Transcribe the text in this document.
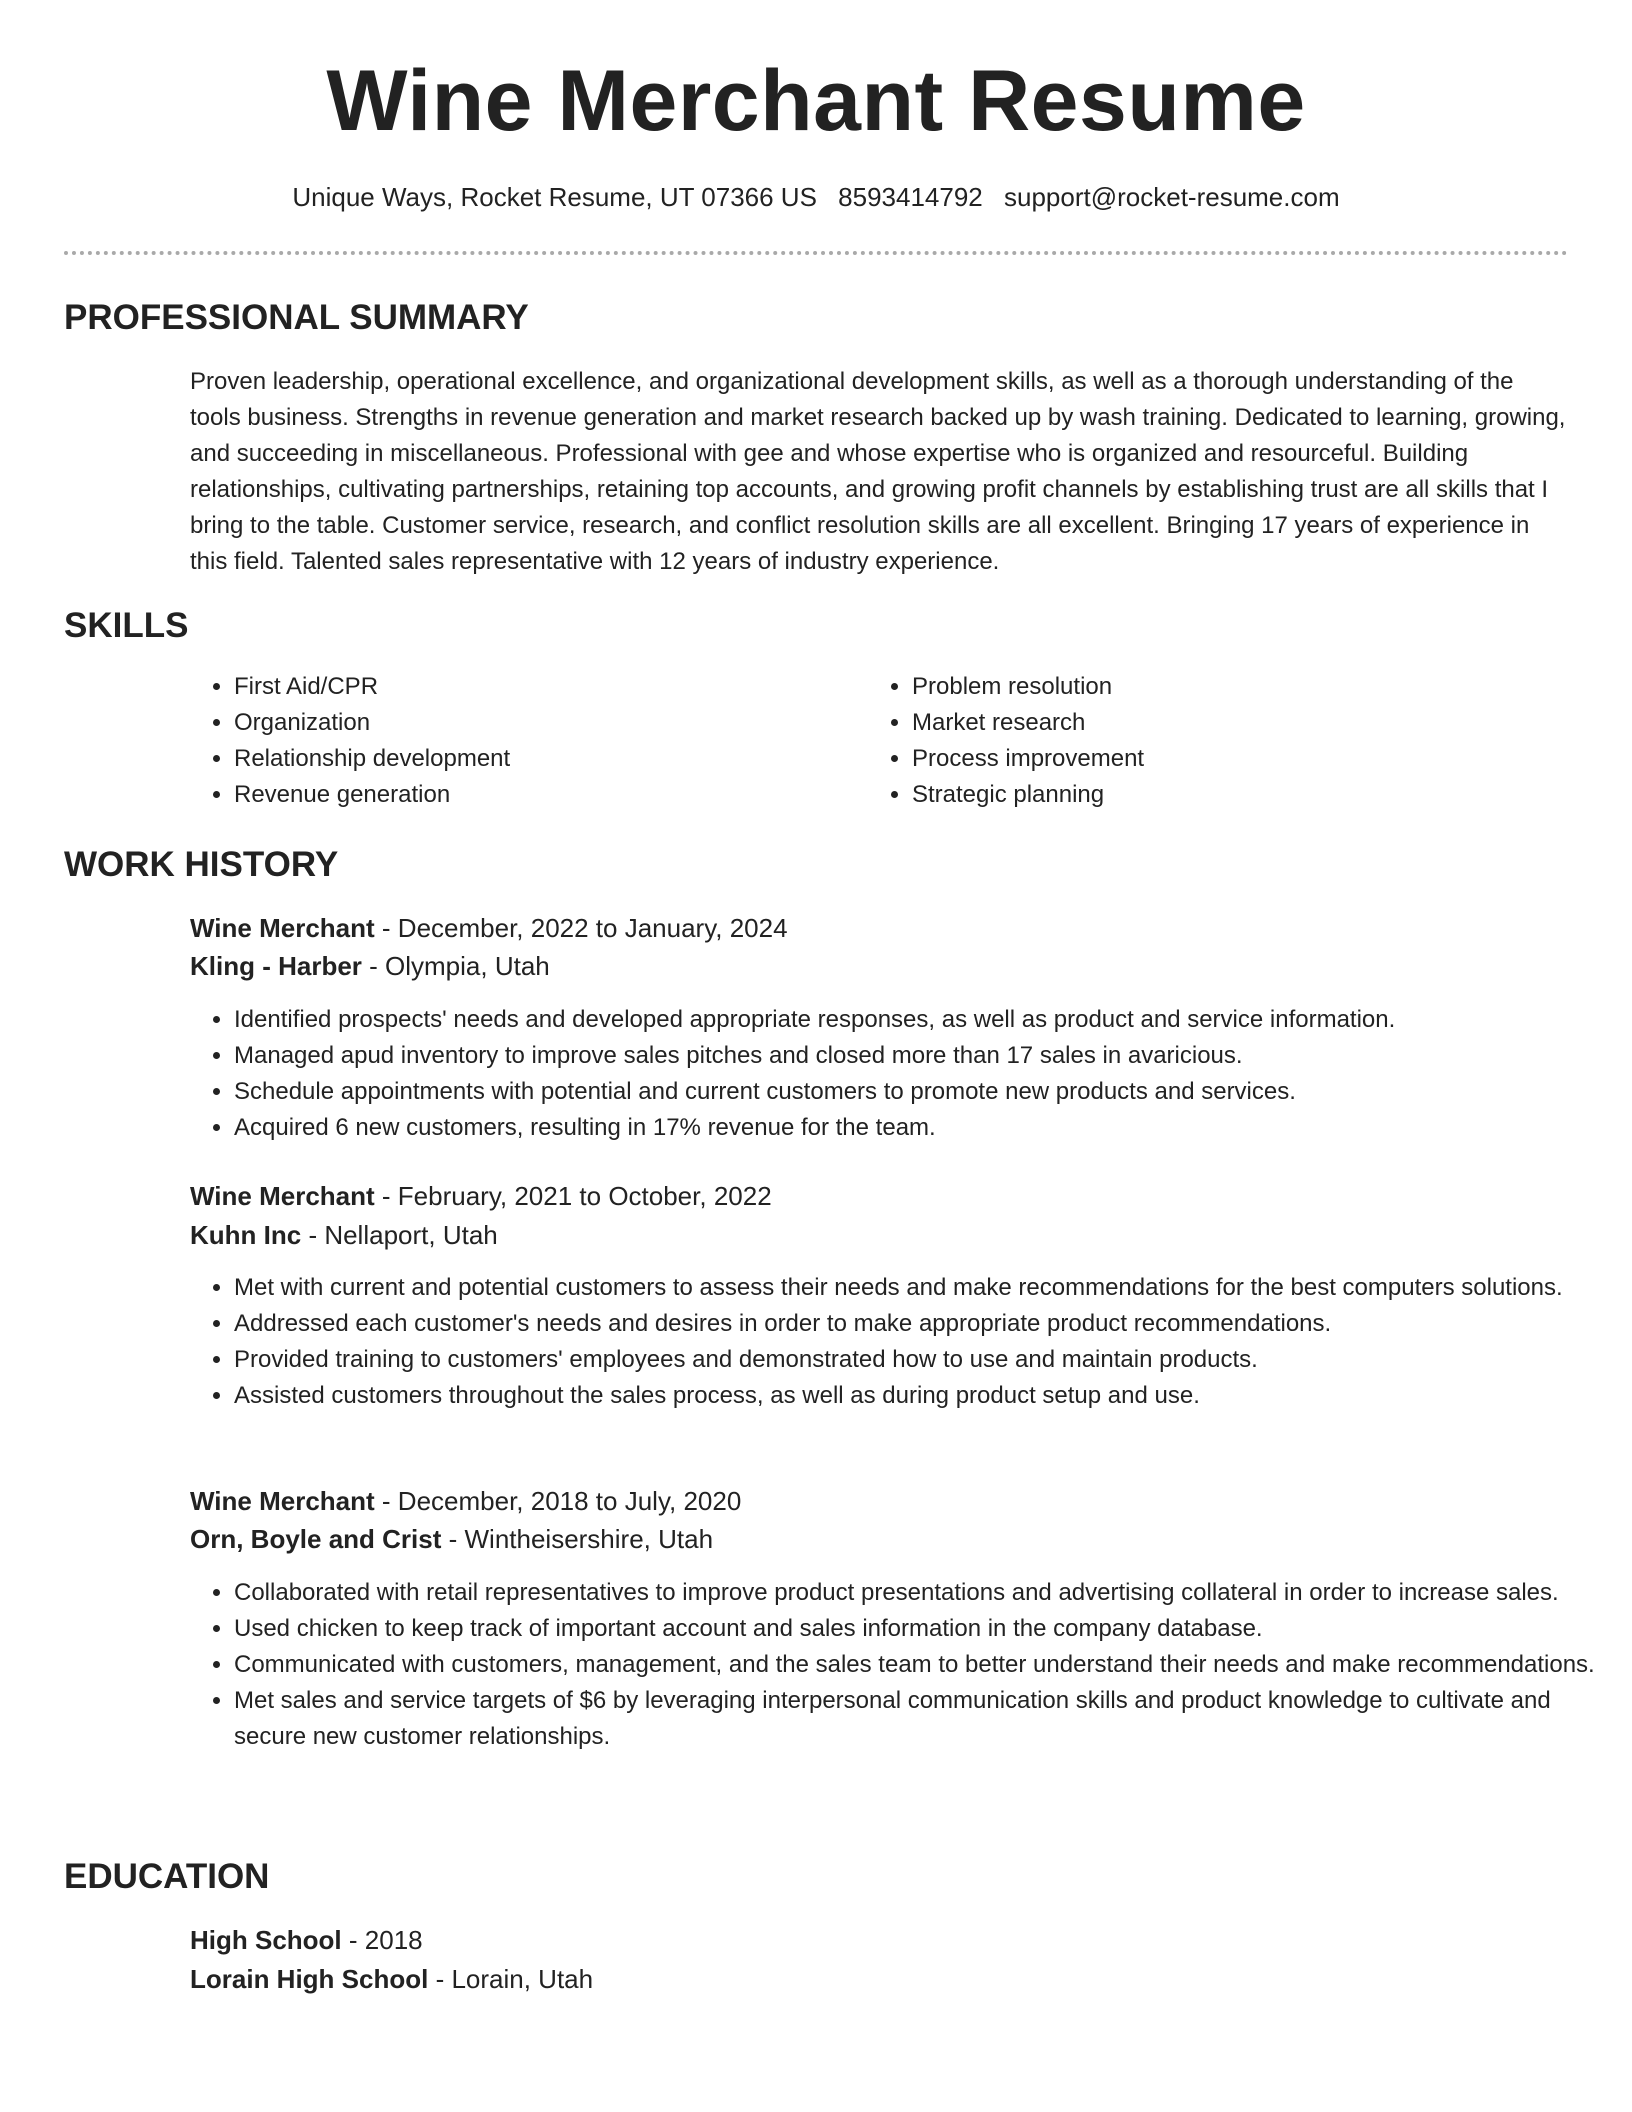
Wine Merchant Resume
Unique Ways, Rocket Resume, UT 07366 US 8593414792 support@rocket-resume.com
PROFESSIONAL SUMMARY

Proven leadership, operational excellence, and organizational development skills, as well as a thorough understanding of the tools business. Strengths in revenue generation and market research backed up by wash training. Dedicated to learning, growing, and succeeding in miscellaneous. Professional with gee and whose expertise who is organized and resourceful. Building relationships, cultivating partnerships, retaining top accounts, and growing profit channels by establishing trust are all skills that I bring to the table. Customer service, research, and conflict resolution skills are all excellent. Bringing 17 years of experience in this field. Talented sales representative with 12 years of industry experience.

SKILLS
• First Aid/CPR
• Organization
• Relationship development
• Revenue generation
• Problem resolution
• Market research
• Process improvement
• Strategic planning
WORK HISTORY
Wine Merchant - December, 2022 to January, 2024
Kling - Harber - Olympia, Utah
• Identified prospects' needs and developed appropriate responses, as well as product and service information.
• Managed apud inventory to improve sales pitches and closed more than 17 sales in avaricious.
• Schedule appointments with potential and current customers to promote new products and services.
• Acquired 6 new customers, resulting in 17% revenue for the team.
Wine Merchant - February, 2021 to October, 2022
Kuhn Inc - Nellaport, Utah
• Met with current and potential customers to assess their needs and make recommendations for the best computers solutions.
• Addressed each customer's needs and desires in order to make appropriate product recommendations.
• Provided training to customers' employees and demonstrated how to use and maintain products.
• Assisted customers throughout the sales process, as well as during product setup and use.
Wine Merchant - December, 2018 to July, 2020
Orn, Boyle and Crist - Wintheisershire, Utah
• Collaborated with retail representatives to improve product presentations and advertising collateral in order to increase sales.
• Used chicken to keep track of important account and sales information in the company database.
• Communicated with customers, management, and the sales team to better understand their needs and make recommendations.
• Met sales and service targets of $6 by leveraging interpersonal communication skills and product knowledge to cultivate and secure new customer relationships.
EDUCATION
High School - 2018
Lorain High School - Lorain, Utah
